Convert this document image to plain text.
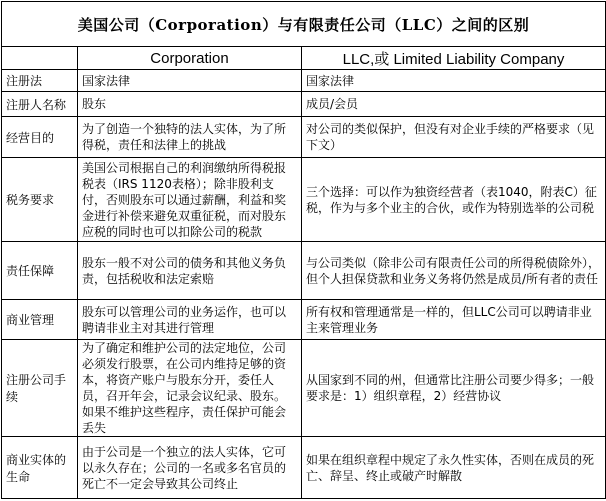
美国公司（Corporation）与有限责任公司（LLC）之间的区别		
	Corporation	LLC,或 Limited Liability Company
注册法	国家法律	国家法律
注册人名称	股东	成员/会员
经营目的	为了创造一个独特的法人实体，为了所得税，责任和法律上的挑战	对公司的类似保护，但没有对企业手续的严格要求（见下文）
税务要求	美国公司根据自己的利润缴纳所得税报税表（IRS 1120表格）；除非股利支付，否则股东可以通过薪酬，利益和奖金进行补偿来避免双重征税，而对股东应税的同时也可以扣除公司的税款	三个选择：可以作为独资经营者（表1040，附表C）征税，作为与多个业主的合伙，或作为特别选举的公司税
责任保障	股东一般不对公司的债务和其他义务负责，包括税收和法定索赔	与公司类似（除非公司有限责任公司的所得税债除外），但个人担保贷款和业务义务将仍然是成员/所有者的责任
商业管理	股东可以管理公司的业务运作，也可以聘请非业主对其进行管理	所有权和管理通常是一样的，但LLC公司可以聘请非业主来管理业务
注册公司手续	为了确定和维护公司的法定地位，公司必须发行股票，在公司内维持足够的资本，将资产账户与股东分开，委任人员，召开年会，记录会议纪录、股东。如果不维护这些程序，责任保护可能会丢失	从国家到不同的州，但通常比注册公司要少得多；一般要求是：1）组织章程，2）经营协议
商业实体的生命	由于公司是一个独立的法人实体，它可以永久存在；公司的一名或多名官员的死亡不一定会导致其公司终止	如果在组织章程中规定了永久性实体，否则在成员的死亡、辞呈、终止或破产时解散
